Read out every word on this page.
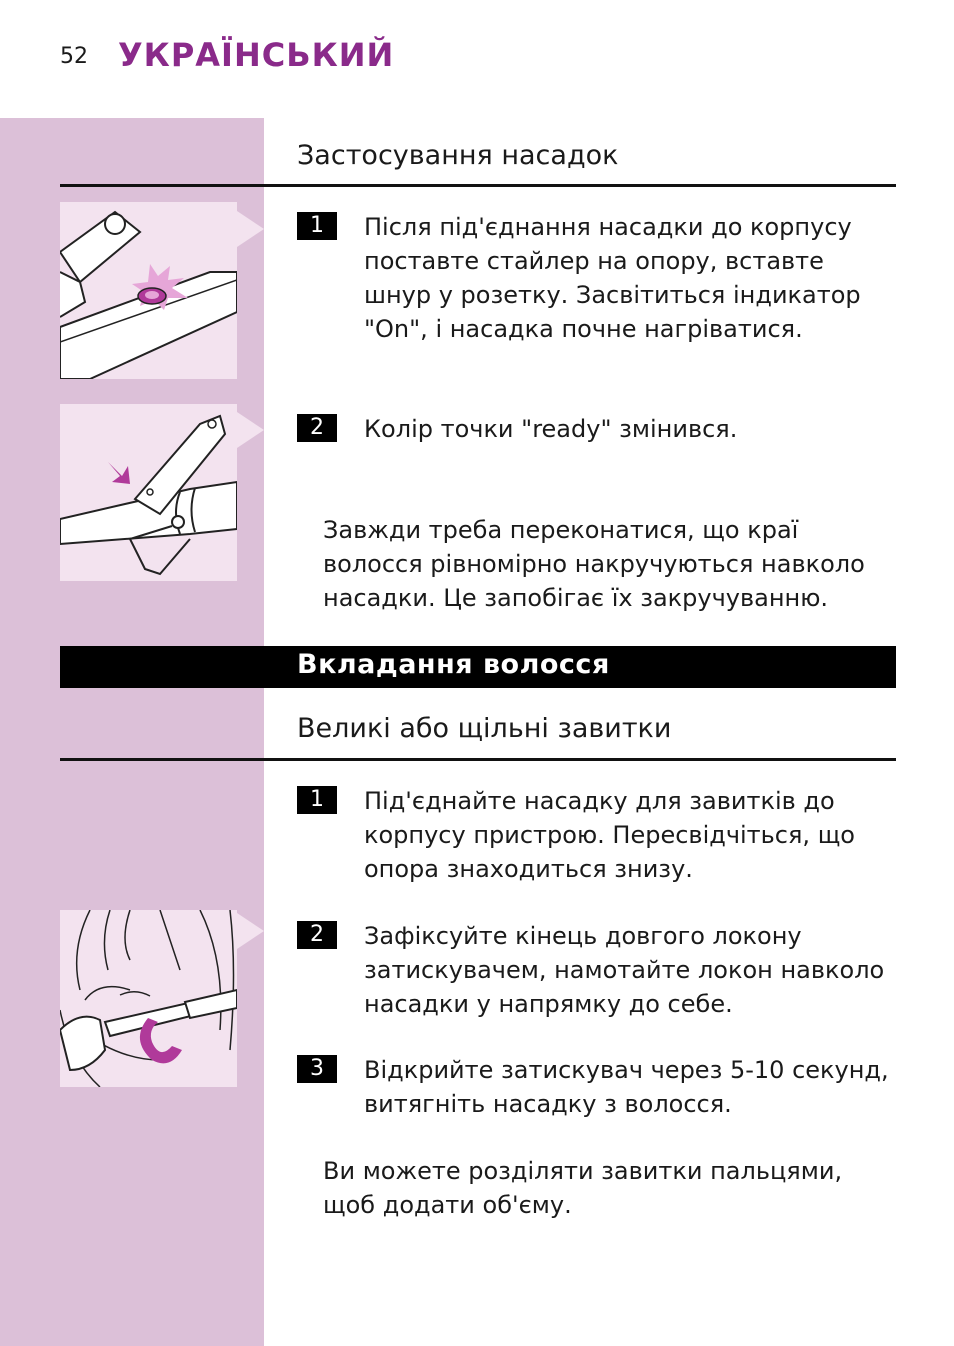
52 УКРАЇНСЬКИЙ
Застосування насадок
1	Після під'єднання насадки до корпусу поставте стайлер на опору, вставте шнур у розетку. Засвітиться індикатор "On", і насадка почне нагріватися.
2	Колір точки "ready" змінився.
Завжди треба переконатися, що краї волосся рівномірно накручуються навколо насадки. Це запобігає їх закручуванню.
Вкладання волосся
Великі або щільні завитки
1	Під'єднайте насадку для завитків до корпусу пристрою. Пересвідчіться, що опора знаходиться знизу.
2	Зафіксуйте кінець довгого локону затискувачем, намотайте локон навколо насадки у напрямку до себе.
3	Відкрийте затискувач через 5-10 секунд, витягніть насадку з волосся.
Ви можете розділяти завитки пальцями, щоб додати об'єму.
